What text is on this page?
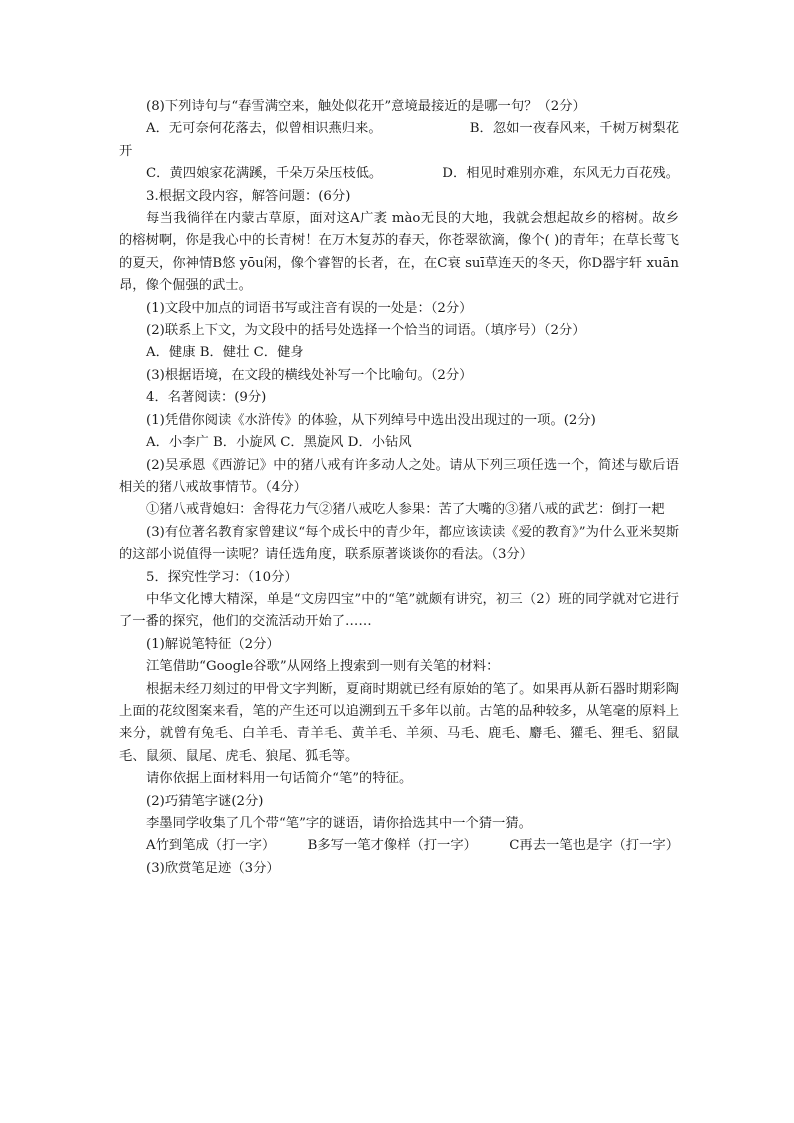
(8)下列诗句与“春雪满空来，触处似花开”意境最接近的是哪一句？（2分）

A．无可奈何花落去，似曾相识燕归来。	B．忽如一夜春风来，千树万树梨花

开

C．黄四娘家花满蹊，千朵万朵压枝低。	D．相见时难别亦难，东风无力百花残。

3.根据文段内容，解答问题：(6分)

每当我徜徉在内蒙古草原，面对这A广袤 mào无艮的大地，我就会想起故乡的榕树。故乡的榕树啊，你是我心中的长青树！在万木复苏的春天，你苍翠欲滴，像个( )的青年；在草长莺飞的夏天，你神情B悠 yōu闲，像个睿智的长者，在，在C衰 suī草连天的冬天，你D器宇轩 xuān昂，像个倔强的武士。

(1)文段中加点的词语书写或注音有误的一处是：（2分）

(2)联系上下文，为文段中的括号处选择一个恰当的词语。（填序号）（2分）

A．健康 B．健壮 C．健身

(3)根据语境，在文段的横线处补写一个比喻句。（2分）

4．名著阅读：(9分)

(1)凭借你阅读《水浒传》的体验，从下列绰号中选出没出现过的一项。(2分)

A．小李广 B．小旋风 C．黑旋风 D．小钻风

(2)吴承恩《西游记》中的猪八戒有许多动人之处。请从下列三项任选一个，简述与歇后语相关的猪八戒故事情节。（4分）

①猪八戒背媳妇：舍得花力气②猪八戒吃人参果：苦了大嘴的③猪八戒的武艺：倒打一耙

(3)有位著名教育家曾建议“每个成长中的青少年，都应该读读《爱的教育》”为什么亚米契斯的这部小说值得一读呢？请任选角度，联系原著谈谈你的看法。（3分）

5．探究性学习：（10分）

中华文化博大精深，单是“文房四宝”中的“笔”就颇有讲究，初三（2）班的同学就对它进行了一番的探究，他们的交流活动开始了……

(1)解说笔特征（2分）

江笔借助“Google谷歌”从网络上搜索到一则有关笔的材料：

根据未经刀刻过的甲骨文字判断，夏商时期就已经有原始的笔了。如果再从新石器时期彩陶上面的花纹图案来看，笔的产生还可以追溯到五千多年以前。古笔的品种较多，从笔毫的原料上来分，就曾有兔毛、白羊毛、青羊毛、黄羊毛、羊须、马毛、鹿毛、麝毛、獾毛、狸毛、貂鼠毛、鼠须、鼠尾、虎毛、狼尾、狐毛等。

请你依据上面材料用一句话简介“笔”的特征。

(2)巧猜笔字谜(2分)

李墨同学收集了几个带“笔”字的谜语，请你拾选其中一个猜一猜。

A竹到笔成（打一字） B多写一笔才像样（打一字） C再去一笔也是字（打一字）

(3)欣赏笔足迹（3分）
